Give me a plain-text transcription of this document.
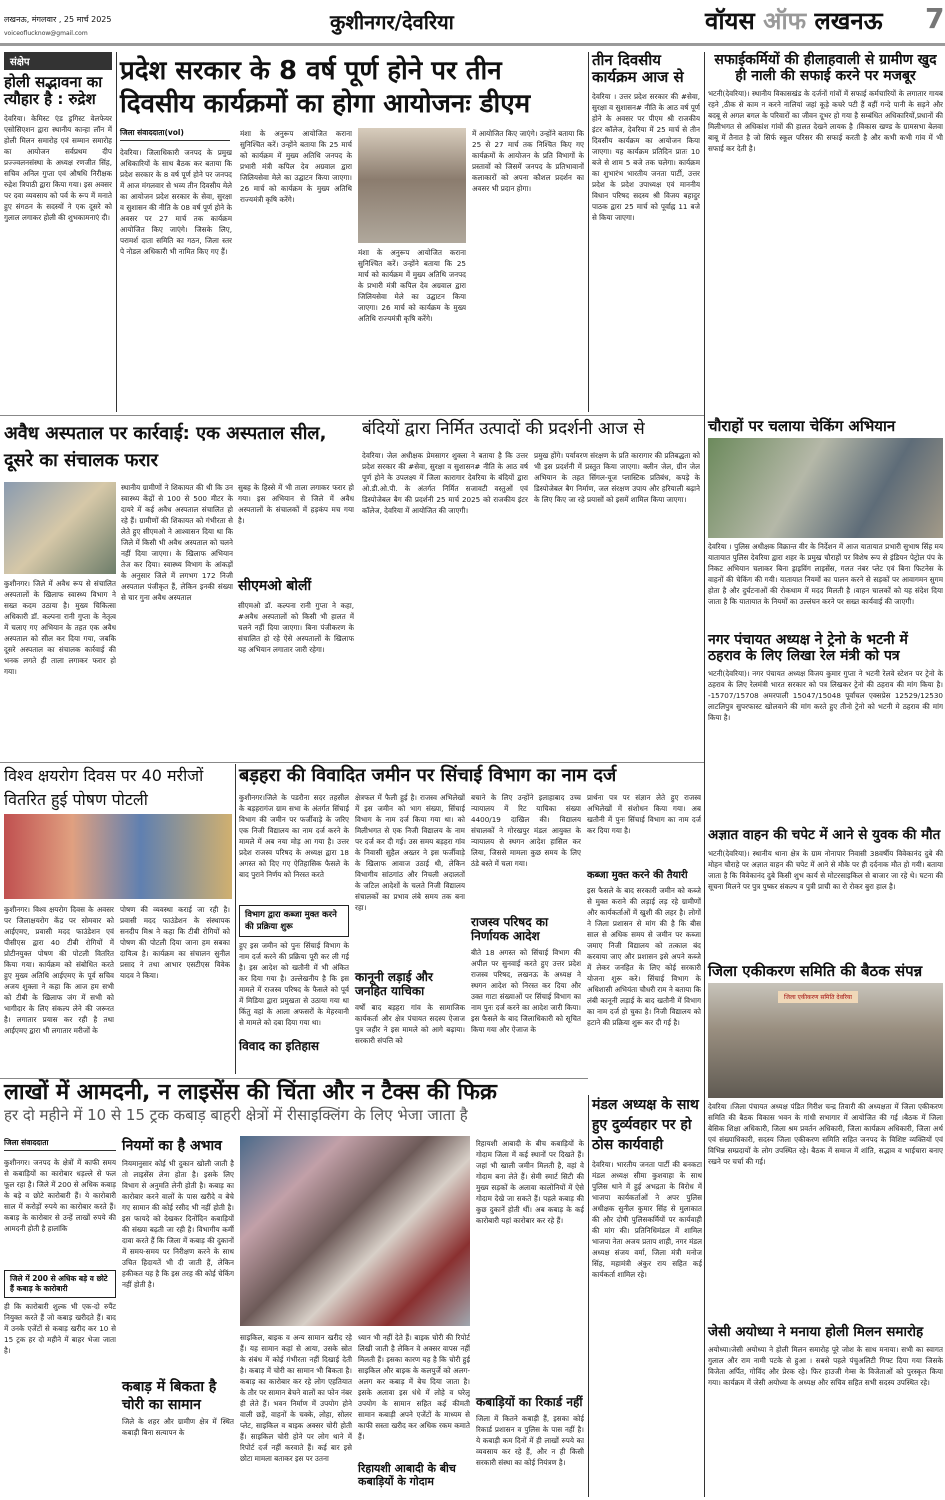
लखनऊ, मंगलवार , 25 मार्च 2025
voiceoflucknow@gmail.com	कुशीनगर/देवरिया	वॉयस ऑफ लखनऊ 7
संक्षेप
होली सद्भावना का त्यौहार है : रुद्रेश
देवरिया। केमिस्ट एंड ड्रगिस्ट वेलफेयर एसोसिएशन द्वारा स्थानीय कान्हा लॉन में होली मिलन समारोह एवं सम्मान समारोह का आयोजन सर्वप्रथम दीप प्रज्ज्वलनसंस्था के अध्यक्ष रणजीत सिंह, सचिव अनिल गुप्ता एवं औषधि निरीक्षक रुद्रेश त्रिपाठी द्वारा किया गया। इस अवसर पर दवा व्यवसाय को पर्व के रूप में मनाते हुए संगठन के सदस्यों ने एक दूसरे को गुलाल लगाकर होली की शुभकामनाएं दी।
प्रदेश सरकार के 8 वर्ष पूर्ण होने पर तीन दिवसीय कार्यक्रमों का होगा आयोजनः डीएम
जिला संवाददाता(vol)
देवरिया। जिलाधिकारी जनपद के प्रमुख अधिकारियों के साथ बैठक कर बताया कि प्रदेश सरकार के 8 वर्ष पूर्ण होने पर जनपद में आज मंगलवार से भव्य तीन दिवसीय मेले का आयोजन प्रदेश सरकार के सेवा, सुरक्षा व सुशासन की नीति के 08 वर्ष पूर्ण होने के अवसर पर 27 मार्च तक कार्यक्रम आयोजित किए जाएंगे। जिसके लिए, परामर्श दाता समिति का गठन, जिला स्तर पे नोडल अधिकारी भी नामित किए गए हैं।
मंशा के अनुरूप आयोजित कराना सुनिश्चित करें। उन्होंने बताया कि 25 मार्च को कार्यक्रम में मुख्य अतिथि जनपद के प्रभारी मंत्री कपिल देव अग्रवाल द्वारा जिलियसेवा मेले का उद्घाटन किया जाएगा। 26 मार्च को कार्यक्रम के मुख्य अतिथि राज्यमंत्री कृषि करेंगे।
मंशा के अनुरूप आयोजित कराना सुनिश्चित करें। उन्होंने बताया कि 25 मार्च को कार्यक्रम में मुख्य अतिथि जनपद के प्रभारी मंत्री कपिल देव अग्रवाल द्वारा जिलियसेवा मेले का उद्घाटन किया जाएगा। 26 मार्च को कार्यक्रम के मुख्य अतिथि राज्यमंत्री कृषि करेंगे।
में आयोजित किए जाएंगे। उन्होंने बताया कि 25 से 27 मार्च तक निश्चित किए गए कार्यक्रमों के आयोजन के प्रति विभागों के प्रस्तावों को जिसमें जनपद के प्रतिभावानों कलाकारों को अपना कौशल प्रदर्शन का अवसर भी प्रदान होगा।
तीन दिवसीय कार्यक्रम आज से
देवरिया । उत्तर प्रदेश सरकार की #सेवा, सुरक्षा व सुशासन# नीति के आठ वर्ष पूर्ण होने के अवसर पर पीएम श्री राजकीय इंटर कॉलेज, देवरिया में 25 मार्च से तीन दिवसीय कार्यक्रम का आयोजन किया जाएगा। यह कार्यक्रम प्रतिदिन प्रातः 10 बजे से शाम 5 बजे तक चलेगा। कार्यक्रम का शुभारंभ भारतीय जनता पार्टी, उत्तर प्रदेश के प्रदेश उपाध्यक्ष एवं माननीय विधान परिषद सदस्य श्री विजय बहादुर पाठक द्वारा 25 मार्च को पूर्वाह्न 11 बजे से किया जाएगा।
सफाईकर्मियों की हीलाहवाली से ग्रामीण खुद ही नाली की सफाई करने पर मजबूर
भटनी(देवरिया)। स्थानीय विकासखंड के दर्जनों गांवों में सफाई कर्मचारियों के लगातार गायब रहने ,ठीक से काम न करने नालियां जहां कूड़े कचरे पटी हैं वहीं गन्दे पानी के सड़ने और बदबू से अगल बगल के परिवारों का जीवन दूभर हो गया है सम्बंधित अधिकारियों,प्रधानों की मिलीभगत से अधिकांश गांवों की हालत देखने लायक है ।विकास खण्ड के ग्रामसभा बेलवा बाबू में तैनात है जो सिर्फ स्कूल परिसर की सफाई करती है और कभी कभी गांव में भी सफाई कर देती है।
चौराहों पर चलाया चेकिंग अभियान
देवरिया । पुलिस अधीक्षक विक्रान्त वीर के निर्देशन में आज यातायात प्रभारी सुभाष सिंह मय यातायात पुलिस देवरिया द्वारा शहर के प्रमुख चौराहों पर विशेष रूप से इंडियन पेट्रोल पंप के निकट अभियान चलाकर बिना ड्राइविंग लाइसेंस, गलत नंबर प्लेट एवं बिना फिटनेस के वाहनों की चेकिंग की गयी। यातायात नियमों का पालन करने से सड़कों पर आवागमन सुगम होता है और दुर्घटनाओं की रोकथाम में मदद मिलती है ।वाहन चालकों को यह संदेश दिया जाता है कि यातायात के नियमों का उल्लंघन करने पर सख्त कार्यवाई की जाएगी।
अवैध अस्पताल पर कार्रवाई: एक अस्पताल सील, दूसरे का संचालक फरार
कुशीनगर। जिले में अवैध रूप से संचालित अस्पतालों के खिलाफ स्वास्थ्य विभाग ने सख्त कदम उठाया है। मुख्य चिकित्सा अधिकारी डॉ. कल्पना रानी गुप्ता के नेतृत्व में चलाए गए अभियान के तहत एक अवैध अस्पताल को सील कर दिया गया, जबकि दूसरे अस्पताल का संचालक कार्रवाई की भनक लगते ही ताला लगाकर फरार हो गया।
स्थानीय ग्रामीणों ने शिकायत की थी कि उन स्वास्थ्य केंद्रों से 100 से 500 मीटर के दायरे में कई अवैध अस्पताल संचालित हो रहे हैं। ग्रामीणों की शिकायत को गंभीरता से लेते हुए सीएमओ ने आश्वासन दिया था कि जिले में किसी भी अवैध अस्पताल को चलने नहीं दिया जाएगा। के खिलाफ अभियान तेज कर दिया। स्वास्थ्य विभाग के आंकड़ों के अनुसार जिले में लगभग 172 निजी अस्पताल पंजीकृत हैं, लेकिन इनकी संख्या से चार गुना अवैध अस्पताल
सुबह के हिस्से में भी ताला लगाकर फरार हो गया। इस अभियान से जिले में अवैध अस्पतालों के संचालकों में हड़कंप मच गया है।
सीएमओ बोलीं
सीएमओ डॉ. कल्पना रानी गुप्ता ने कहा, #अवैध अस्पतालों को किसी भी हालत में चलने नहीं दिया जाएगा। बिना पंजीकरण के संचालित हो रहे ऐसे अस्पतालों के खिलाफ यह अभियान लगातार जारी रहेगा।
बंदियों द्वारा निर्मित उत्पादों की प्रदर्शनी आज से
देवरिया। जेल अधीक्षक प्रेमसागर शुक्ला ने बताया है कि उत्तर प्रदेश सरकार की #सेवा, सुरक्षा व सुशासन# नीति के आठ वर्ष पूर्ण होने के उपलक्ष्य में जिला कारागार देवरिया के बंदियों द्वारा ओ.डी.ओ.पी. के अंतर्गत निर्मित सजावटी वस्तुओं एवं डिस्पोजेबल बैग की प्रदर्शनी 25 मार्च 2025 को राजकीय इंटर कॉलेज, देवरिया में आयोजित की जाएगी।
प्रमुख होंगे। पर्यावरण संरक्षण के प्रति कारागार की प्रतिबद्धता को भी इस प्रदर्शनी में प्रस्तुत किया जाएगा। क्लीन जेल, ग्रीन जेल अभियान के तहत सिंगल-यूज प्लास्टिक प्रतिबंध, कपड़े के डिस्पोजेबल बैग निर्माण, जल संरक्षण उपाय और हरियाली बढ़ाने के लिए किए जा रहे प्रयासों को इसमें शामिल किया जाएगा।
नगर पंचायत अध्यक्ष ने ट्रेनो के भटनी में ठहराव के लिए लिखा रेल मंत्री को पत्र
भटनी(देवरिया)। नगर पंचायत अध्यक्ष विजय कुमार गुप्ता ने भटनी रेलवे स्टेशन पर ट्रेनो के ठहराव के लिए रेलमंत्री भारत सरकार को पत्र लिखकर ट्रेनो की ठहराव की मांग किया है। -15707/15708 अमरपाली 15047/15048 पूर्वांचल एक्सप्रेस 12529/12530 लाटलिपुत्र सुपरफास्ट खोलवाने की मांग करते हुए तीनो ट्रेनो को भटनी मे ठहराव की मांग किया है।
अज्ञात वाहन की चपेट में आने से युवक की मौत
भटनी(देवरिया)। स्थानीय थाना क्षेत्र के ग्राम नोनापार निवासी 38वर्षीय विवेकानंद दुबे की मोहन चौराहे पर अज्ञात वाहन की चपेट में आने से मौके पर ही दर्दनाक मौत हो गयी। बताया जाता है कि विवेकानंद दुबे किसी शुभ कार्य से मोटरसाइकिल से बाजार जा रहे थे। घटना की सूचना मिलने पर पुत्र पुष्कर संकल्प व पुत्री प्राची का रो रोकर बुरा हाल है।
जिला एकीकरण समिति की बैठक संपन्न
जिला एकीकरण समिति देवरिया
देवरिया ।जिला पंचायत अध्यक्ष पंडित गिरीश चन्द्र तिवारी की अध्यक्षता में जिला एकीकरण समिति की बैठक विकास भवन के गांधी सभागार में आयोजित की गई ।बैठक में जिला बेसिक शिक्षा अधिकारी, जिला श्रम प्रवर्तन अधिकारी, जिला कार्यक्रम अधिकारी, जिला अर्थ एवं संख्याधिकारी, सदस्य जिला एकीकरण समिति सहित जनपद के विशिष्ट व्यक्तियों एवं विभिन्न सम्प्रदायों के लोग उपस्थित रहे। बैठक में समाज में शांति, सद्भाव व भाईचारा बनाए रखने पर चर्चा की गई।
जेसी अयोध्या ने मनाया होली मिलन समारोह
अयोध्या।जेसी अयोध्या ने होली मिलन समारोह पूरे जोश के साथ मनाया। सभी का स्वागत गुलाल और राम नामी पटके से हुआ । सबसे पहले पंचुअलिटी गिफ्ट दिया गया जिसके विजेता अर्पित, गोविंद और प्रेरक रहे। फिर हाउजी गेम्स के विजेताओं को पुरस्कृत किया गया। कार्यक्रम में जेसी अयोध्या के अध्यक्ष और सचिव सहित सभी सदस्य उपस्थित रहे।
विश्व क्षयरोग दिवस पर 40 मरीजों वितरित हुई पोषण पोटली
कुशीनगर। विश्व क्षयरोग दिवस के अवसर पर जिलाक्षयरोग केंद्र पर सोमवार को आईएमए, प्रवासी मदद फाउंडेशन एवं पीसीएस द्वारा 40 टीबी रोगियों में प्रोटीनयुक्त पोषण की पोटली वितरित किया गया। कार्यक्रम को संबोधित करते हुए मुख्य अतिथि आईएमए के पूर्व सचिव अजय शुक्ला ने कहा कि आज हम सभी को टीबी के खिलाफ जंग में सभी को भागीदार के लिए संकल्प लेने की जरूरत है। लगातार प्रयास कर रही है तथा आईएमए द्वारा भी लगातार मरीजों के
पोषण की व्यवस्था कराई जा रही है। प्रवासी मदद फाउंडेशन के संस्थापक सनदीप मिश्र ने कहा कि टीबी रोगियों को पोषण की पोटली दिया जाना हम सबका दायित्व है। कार्यक्रम का संचालन सुनील प्रसाद ने तथा आभार एसटीएस विवेक यादव ने किया।
बड़हरा की विवादित जमीन पर सिंचाई विभाग का नाम दर्ज
कुशीनगर।जिले के पडरौना सदर तहसील के बड़हरागंज ग्राम सभा के अंतर्गत सिंचाई विभाग की जमीन पर फर्जीवाड़े के जरिए एक निजी विद्यालय का नाम दर्ज करने के मामले में अब नया मोड़ आ गया है। उत्तर प्रदेश राजस्व परिषद के अध्यक्ष द्वारा 18 अगस्त को दिए गए ऐतिहासिक फैसले के बाद पुराने निर्णय को निरस्त करते
विभाग द्वारा कब्जा मुक्त करने की प्रक्रिया शुरू
हुए इस जमीन को पुनः सिंचाई विभाग के नाम दर्ज करने की प्रक्रिया पूरी कर ली गई है। इस आदेश को खतौनी में भी अंकित कर दिया गया है। उल्लेखनीय है कि इस मामले में राजस्व परिषद के फैसले को पूर्व में मिडिया द्वारा प्रमुखता से उठाया गया था किंतु वहां के आला अफसरों के मेहरवानी से मामले को दबा दिया गया था।
विवाद का इतिहास
क्षेत्रफल में फैली हुई है। राजस्व अभिलेखों में इस जमीन को भाग संख्या, सिंचाई विभाग के नाम दर्ज किया गया था। को मिलीभगत से एक निजी विद्यालय के नाम पर दर्ज कर दी गई। उस समय बड़हरा गांव के निवासी सुहैल अख्तर ने इस फर्जीवाड़े के खिलाफ आवाज उठाई थी, लेकिन विभागीय सांठगांठ और निचली अदालतों के जटिल आदेशों के चलते निजी विद्यालय संचालकों का प्रभाव लंबे समय तक बना रहा।
कानूनी लड़ाई और जनहित याचिका
वर्षों बाद बड़हरा गांव के सामाजिक कार्यकर्ता और क्षेत्र पंचायत सदस्य ऐजाज पुत्र जहीर ने इस मामले को आगे बढ़ाया। सरकारी संपत्ति को
बचाने के लिए उन्होंने इलाहाबाद उच्च न्यायालय में रिट याचिका संख्या 4400/19 दाखिल की। विद्यालय संचालकों ने गोरखपुर मंडल आयुक्त के न्यायालय से स्थगन आदेश हासिल कर लिया, जिससे मामला कुछ समय के लिए ठंडे बस्ते में चला गया।
राजस्व परिषद का निर्णायक आदेश
बीते 18 अगस्त को सिंचाई विभाग की अपील पर सुनवाई करते हुए उत्तर प्रदेश राजस्व परिषद, लखनऊ के अध्यक्ष ने स्थगन आदेश को निरस्त कर दिया और उक्त गाटा संख्याओं पर सिंचाई विभाग का नाम पुनः दर्ज करने का आदेश जारी किया। इस फैसले के बाद जिलाधिकारी को सूचित किया गया और ऐजाज के
प्रार्थना पत्र पर संज्ञान लेते हुए राजस्व अभिलेखों में संशोधन किया गया। अब खतौनी में पुनः सिंचाई विभाग का नाम दर्ज कर दिया गया है।
कब्जा मुक्त करने की तैयारी
इस फैसले के बाद सरकारी जमीन को कब्जे से मुक्त कराने की लड़ाई लड़ रहे ग्रामीणों और कार्यकर्ताओं में खुशी की लहर है। लोगों ने जिला प्रशासन से मांग की है कि बीस साल से अधिक समय से जमीन पर कब्जा जमाए निजी विद्यालय को तत्काल बंद करवाया जाए और प्रशासन इसे अपने कब्जे में लेकर जनहित के लिए कोई सरकारी योजना शुरू करे। सिंचाई विभाग के अधिशासी अभियंता चौधरी राम ने बताया कि लंबी कानूनी लड़ाई के बाद खतौनी में विभाग का नाम दर्ज हो चुका है। निजी विद्यालय को हटाने की प्रक्रिया शुरू कर दी गई है।
मंडल अध्यक्ष के साथ हुए दुर्व्यवहार पर हो ठोस कार्यवाही
देवरिया। भारतीय जनता पार्टी की बनकटा मंडल अध्यक्ष सीमा कुशवाहा के साथ पुलिस थाने में हुई अभद्रता के विरोध में भाजपा कार्यकर्ताओं ने अपर पुलिस अधीक्षक सुनील कुमार सिंह से मुलाकात की और दोषी पुलिसकर्मियों पर कार्यवाही की मांग की। प्रतिनिधिमंडल में शामिल भाजपा नेता अजय प्रताप शाही, नगर मंडल अध्यक्ष संजय वर्मा, जिला मंत्री मनोज सिंह, महामंत्री अंकुर राय सहित कई कार्यकर्ता शामिल रहे।
लाखों में आमदनी, न लाइसेंस की चिंता और न टैक्स की फिक्र
हर दो महीने में 10 से 15 ट्रक कबाड़ बाहरी क्षेत्रों में रीसाइक्लिंग के लिए भेजा जाता है
जिला संवाददाता
कुशीनगर। जनपद के क्षेत्रों में काफी समय से कबाड़ियों का कारोबार धड़ल्ले से फल फूल रहा है। जिले में 200 से अधिक कबाड़ के बड़े व छोटे कारोबारी हैं। ये कारोबारी साल में करोड़ों रुपये का कारोबार करते हैं। कबाड़ के कारोबार से उन्हें लाखों रुपये की आमदनी होती है हालांकि
जिले में 200 से अधिक बड़े व छोटे हैं कबाड़ के कारोबारी
ही कि कारोबारी शुल्क भी एक-दो रुपैंट नियुक्त करते हैं जो कबाड़ खरीदते हैं। बाद में उनके एजेंटों से कबाड़ खरीद कर 10 से 15 ट्रक हर दो महीने में बाहर भेजा जाता है।
नियमों का है अभाव
नियमानुसार कोई भी दुकान खोली जाती है तो लाइसेंस लेना होता है। इसके लिए विभाग से अनुमति लेनी होती है। कबाड़ का कारोबार करने वालों के पास खरीदे व बेचे गए सामान की कोई रसीद भी नहीं होती है। इस फायदे को देखकर दिनोंदिन कबाड़ियों की संख्या बढ़ती जा रही है। विभागीय कर्मी दावा करते हैं कि जिला में कबाड़ की दुकानों में समय-समय पर निरीक्षण करने के साथ उचित हिदायतें भी दी जाती हैं, लेकिन हकीकत यह है कि इस तरह की कोई चेकिंग नहीं होती है।
कबाड़ में बिकता है चोरी का सामान
जिले के शहर और ग्रामीण क्षेत्र में स्थित कबाड़ी बिना सत्यापन के
साइकिल, बाइक व अन्य सामान खरीद रहे हैं। यह सामान कहां से आया, उसके स्रोत के संबंध में कोई गंभीरता नहीं दिखाई देती है। कबाड़ में चोरी का सामान भी बिकता है। कबाड़ का कारोबार कर रहे लोग एहतियात के तौर पर सामान बेचने वालों का फोन नंबर ही लेते हैं। भवन निर्माण में उपयोग होने वाली छड़ें, वाहनों के चक्के, लोहा, सोलर प्लेट, साइकिल व बाइक अक्सर चोरी होती हैं। साइकिल चोरी होने पर लोग थाने में रिपोर्ट दर्ज नहीं करवाते हैं। कई बार इसे छोटा मामला बताकर इस पर उतना
ध्यान भी नहीं देते हैं। बाइक चोरी की रिपोर्ट लिखी जाती है लेकिन वे अक्सर वापस नहीं मिलती हैं। इसका कारण यह है कि चोरी हुई साइकिल और बाइक के कलपुर्जे को अलग-अलग कर कबाड़ में बेच दिया जाता है। इसके अलावा इस धंधे में लोहे व घरेलू उपयोग के सामान सहित कई कीमती सामान कबाड़ी अपने एजेंटों के माध्यम से काफी सस्ता खरीद कर अधिक रकम कमाते हैं।
रिहायशी आबादी के बीच कबाड़ियों के गोदाम
रिहायशी आबादी के बीच कबाड़ियों के गोदाम जिला में कई स्थानों पर दिखते हैं। जहां भी खाली जमीन मिलती है, वहां वे गोदाम बना लेते हैं। सेमी स्मार्ट सिटी की मुख्य सड़कों के अलावा कालोनियों में ऐसे गोदाम देखे जा सकते हैं। पहले कबाड़ की कुछ दुकानें होती थीं। अब कबाड़ के कई कारोबारी यहां कारोबार कर रहे हैं।
कबाड़ियों का रिकार्ड नहीं
जिला में कितने कबाड़ी हैं, इसका कोई रिकार्ड प्रशासन व पुलिस के पास नहीं है। ये कबाड़ी कम दिनों में ही लाखों रुपये का व्यवसाय कर रहे हैं, और न ही किसी सरकारी संस्था का कोई नियंत्रण है।
